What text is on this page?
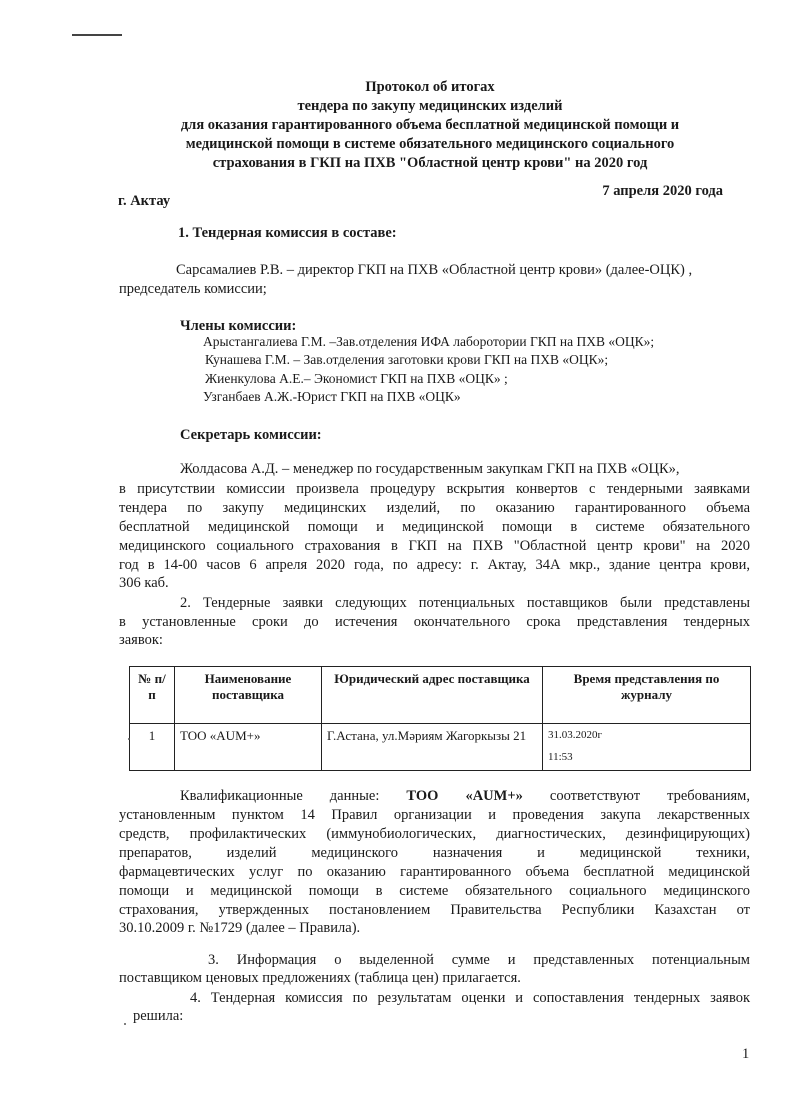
Протокол об итогах
тендера по закупу медицинских изделий
для оказания гарантированного объема бесплатной медицинской помощи и
медицинской помощи в системе обязательного медицинского социального
страхования в ГКП на ПХВ "Областной центр крови" на 2020 год
г. Актау
7 апреля 2020 года
1. Тендерная комиссия в составе:
Сарсамалиев Р.В. – директор ГКП на ПХВ «Областной центр крови» (далее-ОЦК) ,
председатель комиссии;
Члены комиссии:
Арыстангалиева Г.М. –Зав.отделения ИФА лаборотории ГКП на ПХВ «ОЦК»;
Кунашева Г.М. – Зав.отделения заготовки крови ГКП на ПХВ «ОЦК»;
Жиенкулова А.Е.– Экономист ГКП на ПХВ «ОЦК» ;
Узганбаев А.Ж.-Юрист ГКП на ПХВ «ОЦК»
Секретарь комиссии:
Жолдасова А.Д. – менеджер по государственным закупкам ГКП на ПХВ «ОЦК»,
в присутствии комиссии произвела процедуру вскрытия конвертов с тендерными заявками
тендера по закупу медицинских изделий, по оказанию гарантированного объема
бесплатной медицинской помощи и медицинской помощи в системе обязательного
медицинского социального страхования в ГКП на ПХВ "Областной центр крови" на 2020
год в 14-00 часов 6 апреля 2020 года, по адресу: г. Актау, 34А мкр., здание центра крови,
306 каб.
2. Тендерные заявки следующих потенциальных поставщиков были представлены
в установленные сроки до истечения окончательного срока представления тендерных
заявок:
№ п/п	Наименование поставщика	Юридический адрес поставщика	Время представления по журналу
1	ТОО «AUM+»	Г.Астана, ул.Мәриям Жагоркызы 21	31.03.2020г
11:53
Квалификационные данные: ТОО «AUM+» соответствуют требованиям,
установленным пунктом 14 Правил организации и проведения закупа лекарственных
средств, профилактических (иммунобиологических, диагностических, дезинфицирующих)
препаратов, изделий медицинского назначения и медицинской техники,
фармацевтических услуг по оказанию гарантированного объема бесплатной медицинской
помощи и медицинской помощи в системе обязательного социального медицинского
страхования, утвержденных постановлением Правительства Республики Казахстан от
30.10.2009 г. №1729 (далее – Правила).
3. Информация о выделенной сумме и представленных потенциальным
поставщиком ценовых предложениях (таблица цен) прилагается.
4. Тендерная комиссия по результатам оценки и сопоставления тендерных заявок
решила:
1
